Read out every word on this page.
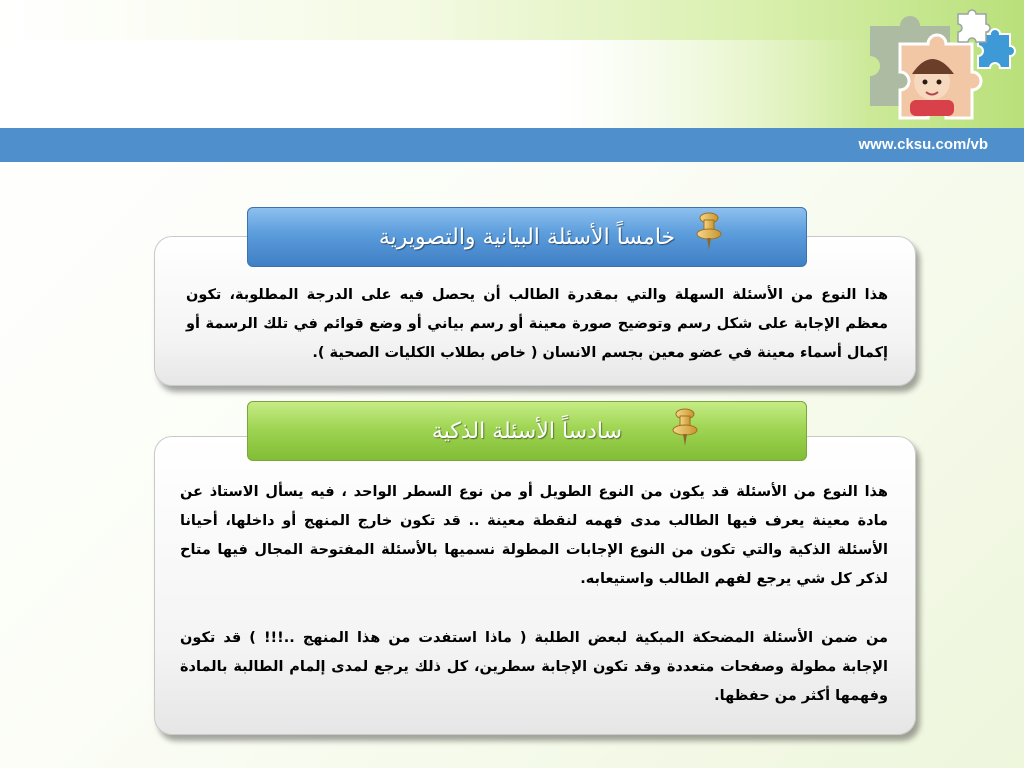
www.cksu.com/vb
خامساً الأسئلة البيانية والتصويرية

هذا النوع من الأسئلة السهلة والتي بمقدرة الطالب أن يحصل فيه على الدرجة المطلوبة، تكون معظم الإجابة على شكل رسم وتوضيح صورة معينة أو رسم بياني أو وضع قوائم في تلك الرسمة أو إكمال أسماء معينة في عضو معين بجسم الانسان ( خاص بطلاب الكليات الصحية ).

سادساً الأسئلة الذكية

هذا النوع من الأسئلة قد يكون من النوع الطويل أو من نوع السطر الواحد ، فيه يسأل الاستاذ عن مادة معينة يعرف فيها الطالب مدى فهمه لنقطة معينة .. قد تكون خارج المنهج أو داخلها، أحيانا الأسئلة الذكية والتي تكون من النوع الإجابات المطولة نسميها بالأسئلة المفتوحة المجال فيها متاح لذكر كل شي يرجع لفهم الطالب واستيعابه.

من ضمن الأسئلة المضحكة المبكية لبعض الطلبة ( ماذا استفدت من هذا المنهج ..!!! ) قد تكون الإجابة مطولة وصفحات متعددة وقد تكون الإجابة سطرين، كل ذلك يرجع لمدى إلمام الطالبة بالمادة وفهمها أكثر من حفظها.
